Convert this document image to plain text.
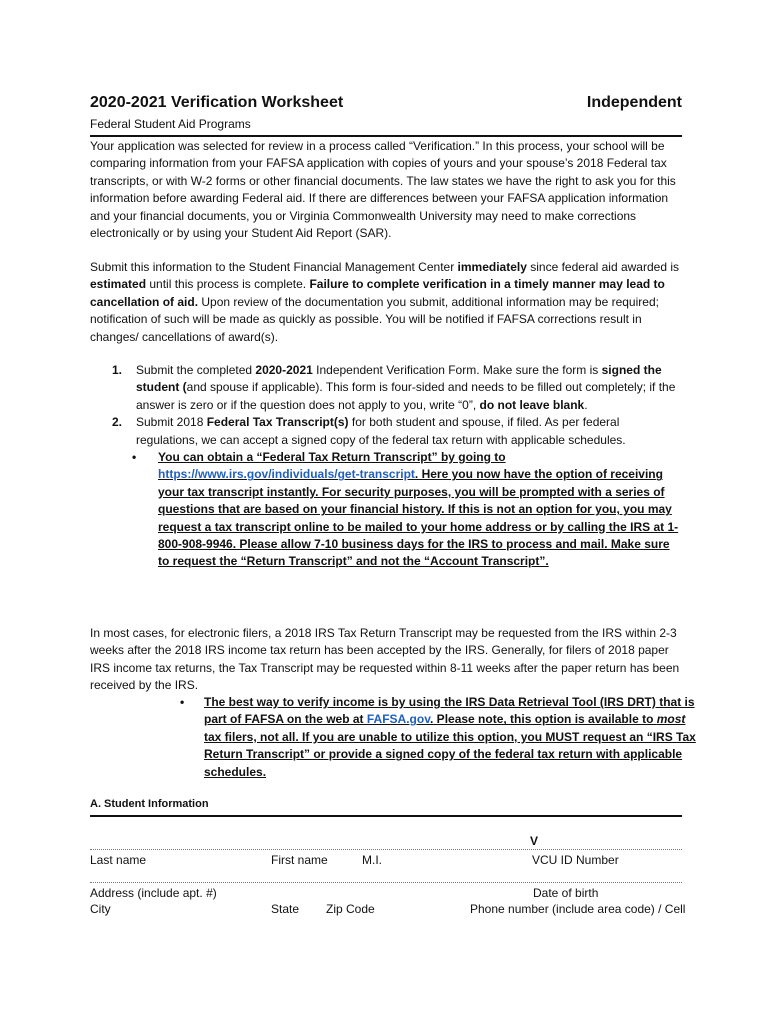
2020-2021 Verification Worksheet	Independent
Federal Student Aid Programs

Your application was selected for review in a process called “Verification.” In this process, your school will be comparing information from your FAFSA application with copies of yours and your spouse’s 2018 Federal tax transcripts, or with W-2 forms or other financial documents. The law states we have the right to ask you for this information before awarding Federal aid. If there are differences between your FAFSA application information and your financial documents, you or Virginia Commonwealth University may need to make corrections electronically or by using your Student Aid Report (SAR).

Submit this information to the Student Financial Management Center immediately since federal aid awarded is estimated until this process is complete. Failure to complete verification in a timely manner may lead to cancellation of aid. Upon review of the documentation you submit, additional information may be required; notification of such will be made as quickly as possible. You will be notified if FAFSA corrections result in changes/ cancellations of award(s).

1. Submit the completed 2020-2021 Independent Verification Form. Make sure the form is signed the student (and spouse if applicable). This form is four-sided and needs to be filled out completely; if the answer is zero or if the question does not apply to you, write “0”, do not leave blank.
2. Submit 2018 Federal Tax Transcript(s) for both student and spouse, if filed. As per federal regulations, we can accept a signed copy of the federal tax return with applicable schedules.
• You can obtain a “Federal Tax Return Transcript” by going to https://www.irs.gov/individuals/get-transcript. Here you now have the option of receiving your tax transcript instantly. For security purposes, you will be prompted with a series of questions that are based on your financial history. If this is not an option for you, you may request a tax transcript online to be mailed to your home address or by calling the IRS at 1-800-908-9946. Please allow 7-10 business days for the IRS to process and mail. Make sure to request the “Return Transcript” and not the “Account Transcript”.

In most cases, for electronic filers, a 2018 IRS Tax Return Transcript may be requested from the IRS within 2-3 weeks after the 2018 IRS income tax return has been accepted by the IRS. Generally, for filers of 2018 paper IRS income tax returns, the Tax Transcript may be requested within 8-11 weeks after the paper return has been received by the IRS.

• The best way to verify income is by using the IRS Data Retrieval Tool (IRS DRT) that is part of FAFSA on the web at FAFSA.gov. Please note, this option is available to most tax filers, not all. If you are unable to utilize this option, you MUST request an “IRS Tax Return Transcript” or provide a signed copy of the federal tax return with applicable schedules.
A. Student Information
V
Last name	First name	M.I.	VCU ID Number
Address (include apt. #)	Date of birth
City	State Zip Code	Phone number (include area code) / Cell
